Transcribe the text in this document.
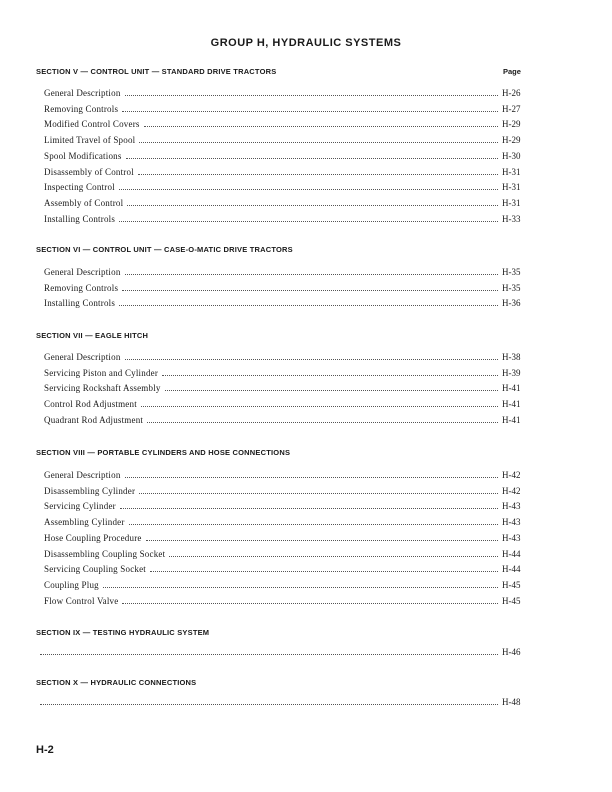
GROUP H, HYDRAULIC SYSTEMS
Page
SECTION V — CONTROL UNIT — STANDARD DRIVE TRACTORS
General Description	H-26
Removing Controls	H-27
Modified Control Covers	H-29
Limited Travel of Spool	H-29
Spool Modifications	H-30
Disassembly of Control	H-31
Inspecting Control	H-31
Assembly of Control	H-31
Installing Controls	H-33
SECTION VI — CONTROL UNIT — CASE-O-MATIC DRIVE TRACTORS
General Description	H-35
Removing Controls	H-35
Installing Controls	H-36
SECTION VII — EAGLE HITCH
General Description	H-38
Servicing Piston and Cylinder	H-39
Servicing Rockshaft Assembly	H-41
Control Rod Adjustment	H-41
Quadrant Rod Adjustment	H-41
SECTION VIII — PORTABLE CYLINDERS AND HOSE CONNECTIONS
General Description	H-42
Disassembling Cylinder	H-42
Servicing Cylinder	H-43
Assembling Cylinder	H-43
Hose Coupling Procedure	H-43
Disassembling Coupling Socket	H-44
Servicing Coupling Socket	H-44
Coupling Plug	H-45
Flow Control Valve	H-45
SECTION IX — TESTING HYDRAULIC SYSTEM
H-46
SECTION X — HYDRAULIC CONNECTIONS
H-48
H-2
